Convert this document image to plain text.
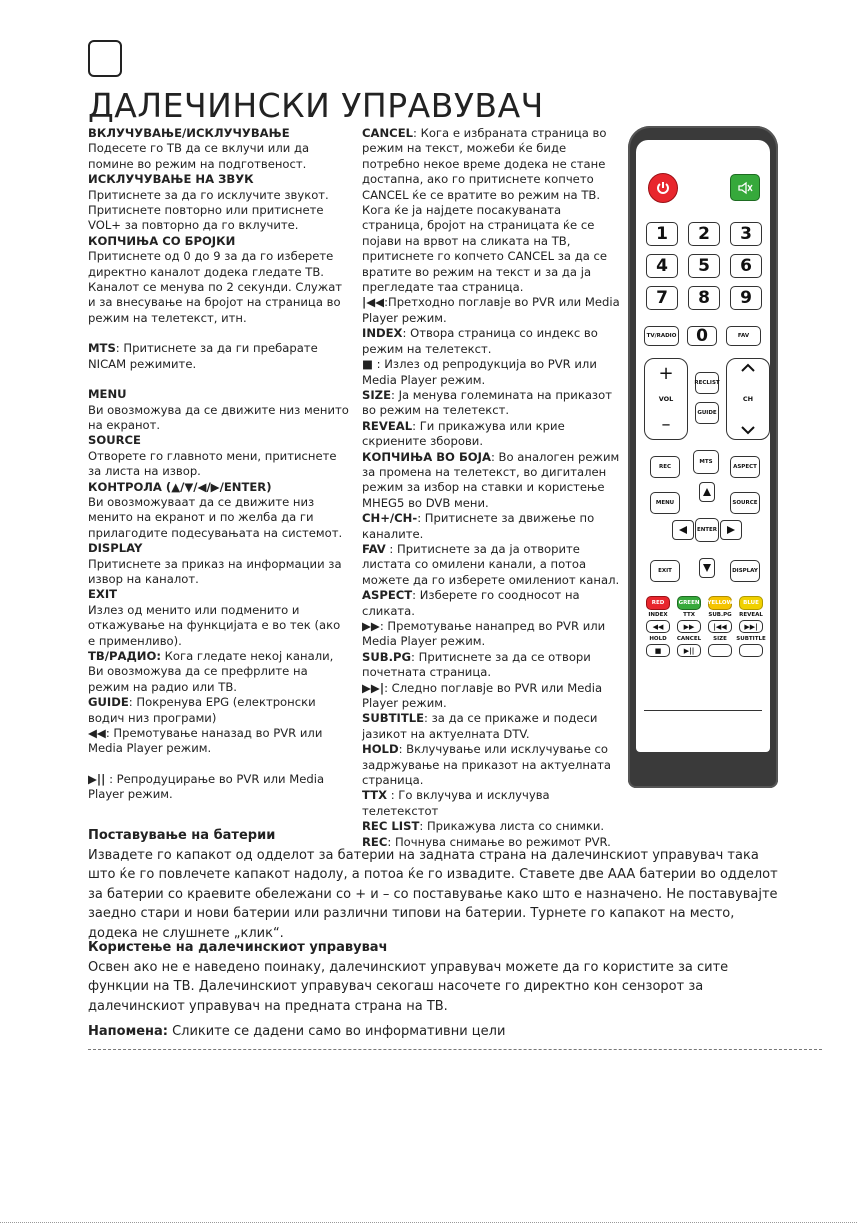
ДАЛЕЧИНСКИ УПРАВУВАЧ

ВКЛУЧУВАЊЕ/ИСКЛУЧУВАЊЕ
Подесете го ТВ да се вклучи или да помине во режим на подготвеност.

ИСКЛУЧУВАЊЕ НА ЗВУК
Притиснете за да го исклучите звукот. Притиснете повторно или притиснете VOL+ за повторно да го вклучите.

КОПЧИЊА СО БРОЈКИ
Притиснете од 0 до 9 за да го изберете директно каналот додека гледате ТВ. Каналот се менува по 2 секунди. Служат и за внесување на бројот на страница во режим на телетекст, итн.

MTS: Притиснете за да ги пребарате NICAM режимите.

MENU
Ви овозможува да се движите низ менито на екранот.

SOURCE
Отворете го главното мени, притиснете за листа на извор.

КОНТРОЛА (▲/▼/◀/▶/ENTER)
Ви овозможуваат да се движите низ менито на екранот и по желба да ги прилагодите подесувањата на системот.

DISPLAY
Притиснете за приказ на информации за извор на каналот.

EXIT
Излез од менито или подменито и откажување на функцијата е во тек (ако е применливо).

ТВ/РАДИО: Кога гледате некој канали, Ви овозможува да се префрлите на режим на радио или ТВ.

GUIDE: Покренува EPG (електронски водич низ програми)

◀◀: Премотување наназад во PVR или Media Player режим.

▶|| : Репродуцирање во PVR или Media Player режим.

CANCEL: Кога е избраната страница во режим на текст, можеби ќе биде потребно некое време додека не стане достапна, ако го притиснете копчето CANCEL ќе се вратите во режим на ТВ. Кога ќе ја најдете посакуваната страница, бројот на страницата ќе се појави на врвот на сликата на ТВ, притиснете го копчето CANCEL за да се вратите во режим на текст и за да ја прегледате таа страница.

|◀◀:Претходно поглавје во PVR или Media Player режим.

INDEX: Отвора страница со индекс во режим на телетекст.

■ : Излез од репродукција во PVR или Media Player режим.

SIZE: Ја менува големината на приказот во режим на телетекст.

REVEAL: Ги прикажува или крие скриените зборови.

КОПЧИЊА ВО БОЈА: Во аналоген режим за промена на телетекст, во дигитален режим за избор на ставки и користење MHEG5 во DVB мени.

CH+/CH-: Притиснете за движење по каналите.

FAV : Притиснете за да ја отворите листата со омилени канали, а потоа можете да го изберете омилениот канал.

ASPECT: Изберете го соодносот на сликата.

▶▶: Премотување нанапред во PVR или Media Player режим.

SUB.PG: Притиснете за да се отвори почетната страница.

▶▶|: Следно поглавје во PVR или Media Player режим.

SUBTITLE: за да се прикаже и подеси јазикот на актуелната DTV.

HOLD: Вклучување или исклучување со задржување на приказот на актуелната страница.

TTX : Го вклучува и исклучува телетекстот

REC LIST: Прикажува листа со снимки.

REC: Почнува снимање во режимот PVR.

1	2	3
4	5	6
7	8	9
TV/RADIO	0	FAV
+
VOL
–
RECLIST
GUIDE
CH
REC
MTS
ASPECT
MENU	SOURCE
ENTER
EXIT	DISPLAY
RED	GREEN YELLOW	BLUE
INDEX	TTX	SUB.PG	REVEAL
◀◀	▶▶	|◀◀	▶▶|
HOLD	CANCEL	SIZE	SUBTITLE
■	▶||

Поставување на батерии

Извадете го капакот од одделот за батерии на задната страна на далечинскиот управувач така што ќе го повлечете капакот надолу, а потоа ќе го извадите. Ставете две AAA батерии во одделот за батерии со краевите обележани со + и – со поставување како што е назначено. Не поставувајте заедно стари и нови батерии или различни типови на батерии. Турнете го капакот на место, додека не слушнете „клик“.

Користење на далечинскиот управувач

Освен ако не е наведено поинаку, далечинскиот управувач можете да го користите за сите функции на ТВ. Далечинскиот управувач секогаш насочете го директно кон сензорот за далечинскиот управувач на предната страна на ТВ.

Напомена: Сликите се дадени само во информативни цели
